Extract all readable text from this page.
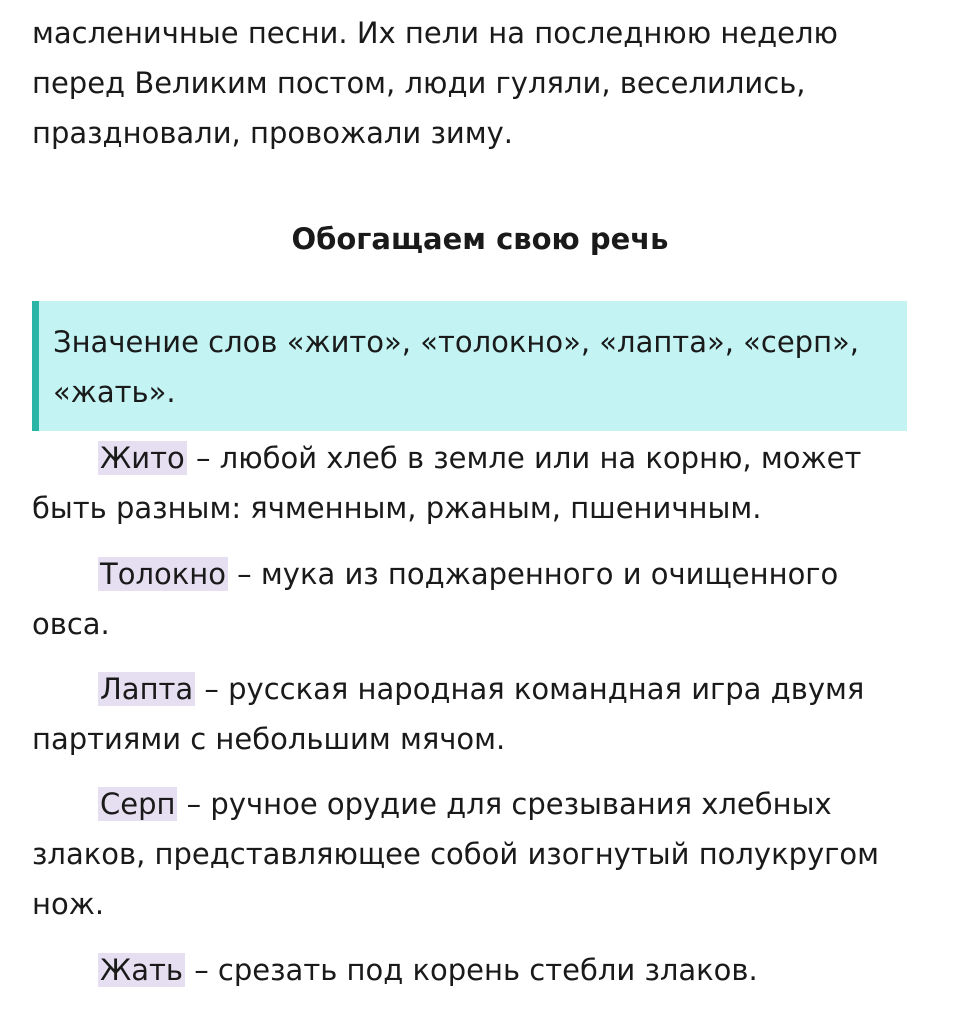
масленичные песни. Их пели на последнюю неделю перед Великим постом, люди гуляли, веселились, праздновали, провожали зиму.

Обогащаем свою речь

Значение слов «жито», «толокно», «лапта», «серп», «жать».

Жито – любой хлеб в земле или на корню, может быть разным: ячменным, ржаным, пшеничным.

Толокно – мука из поджаренного и очищенного овса.

Лапта – русская народная командная игра двумя партиями с небольшим мячом.

Серп – ручное орудие для срезывания хлебных злаков, представляющее собой изогнутый полукругом нож.

Жать – срезать под корень стебли злаков.
